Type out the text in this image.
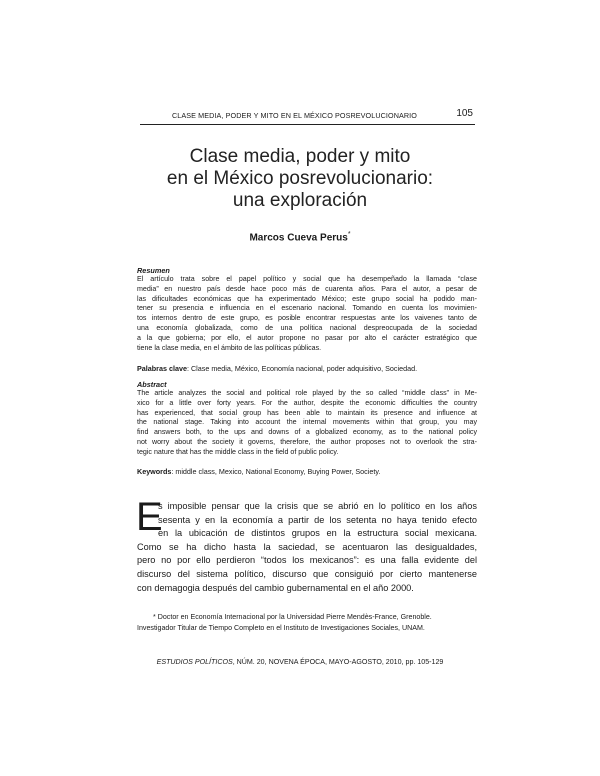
CLASE MEDIA, PODER Y MITO EN EL MÉXICO POSREVOLUCIONARIO	105
Clase media, poder y mito
en el México posrevolucionario:
una exploración
Marcos Cueva Perus*
Resumen
El artículo trata sobre el papel político y social que ha desempeñado la llamada “clase
media” en nuestro país desde hace poco más de cuarenta años. Para el autor, a pesar de
las dificultades económicas que ha experimentado México; este grupo social ha podido man-
tener su presencia e influencia en el escenario nacional. Tomando en cuenta los movimien-
tos internos dentro de este grupo, es posible encontrar respuestas ante los vaivenes tanto de
una economía globalizada, como de una política nacional despreocupada de la sociedad
a la que gobierna; por ello, el autor propone no pasar por alto el carácter estratégico que
tiene la clase media, en el ámbito de las políticas públicas.
Palabras clave: Clase media, México, Economía nacional, poder adquisitivo, Sociedad.
Abstract
The article analyzes the social and political role played by the so called “middle class” in Me-
xico for a little over forty years. For the author, despite the economic difficulties the country
has experienced, that social group has been able to maintain its presence and influence at
the national stage. Taking into account the internal movements within that group, you may
find answers both, to the ups and downs of a globalized economy, as to the national policy
not worry about the society it governs, therefore, the author proposes not to overlook the stra-
tegic nature that has the middle class in the field of public policy.
Keywords: middle class, Mexico, National Economy, Buying Power, Society.
E
s imposible pensar que la crisis que se abrió en lo político en los años
sesenta y en la economía a partir de los setenta no haya tenido efecto
en la ubicación de distintos grupos en la estructura social mexicana.
Como se ha dicho hasta la saciedad, se acentuaron las desigualdades,
pero no por ello perdieron “todos los mexicanos”: es una falla evidente del
discurso del sistema político, discurso que consiguió por cierto mantenerse
con demagogia después del cambio gubernamental en el año 2000.
* Doctor en Economía Internacional por la Universidad Pierre Mendès-France, Grenoble.
Investigador Titular de Tiempo Completo en el Instituto de Investigaciones Sociales, UNAM.
ESTUDIOS POLÍTICOS, NÚM. 20, NOVENA ÉPOCA, MAYO-AGOSTO, 2010, pp. 105-129
